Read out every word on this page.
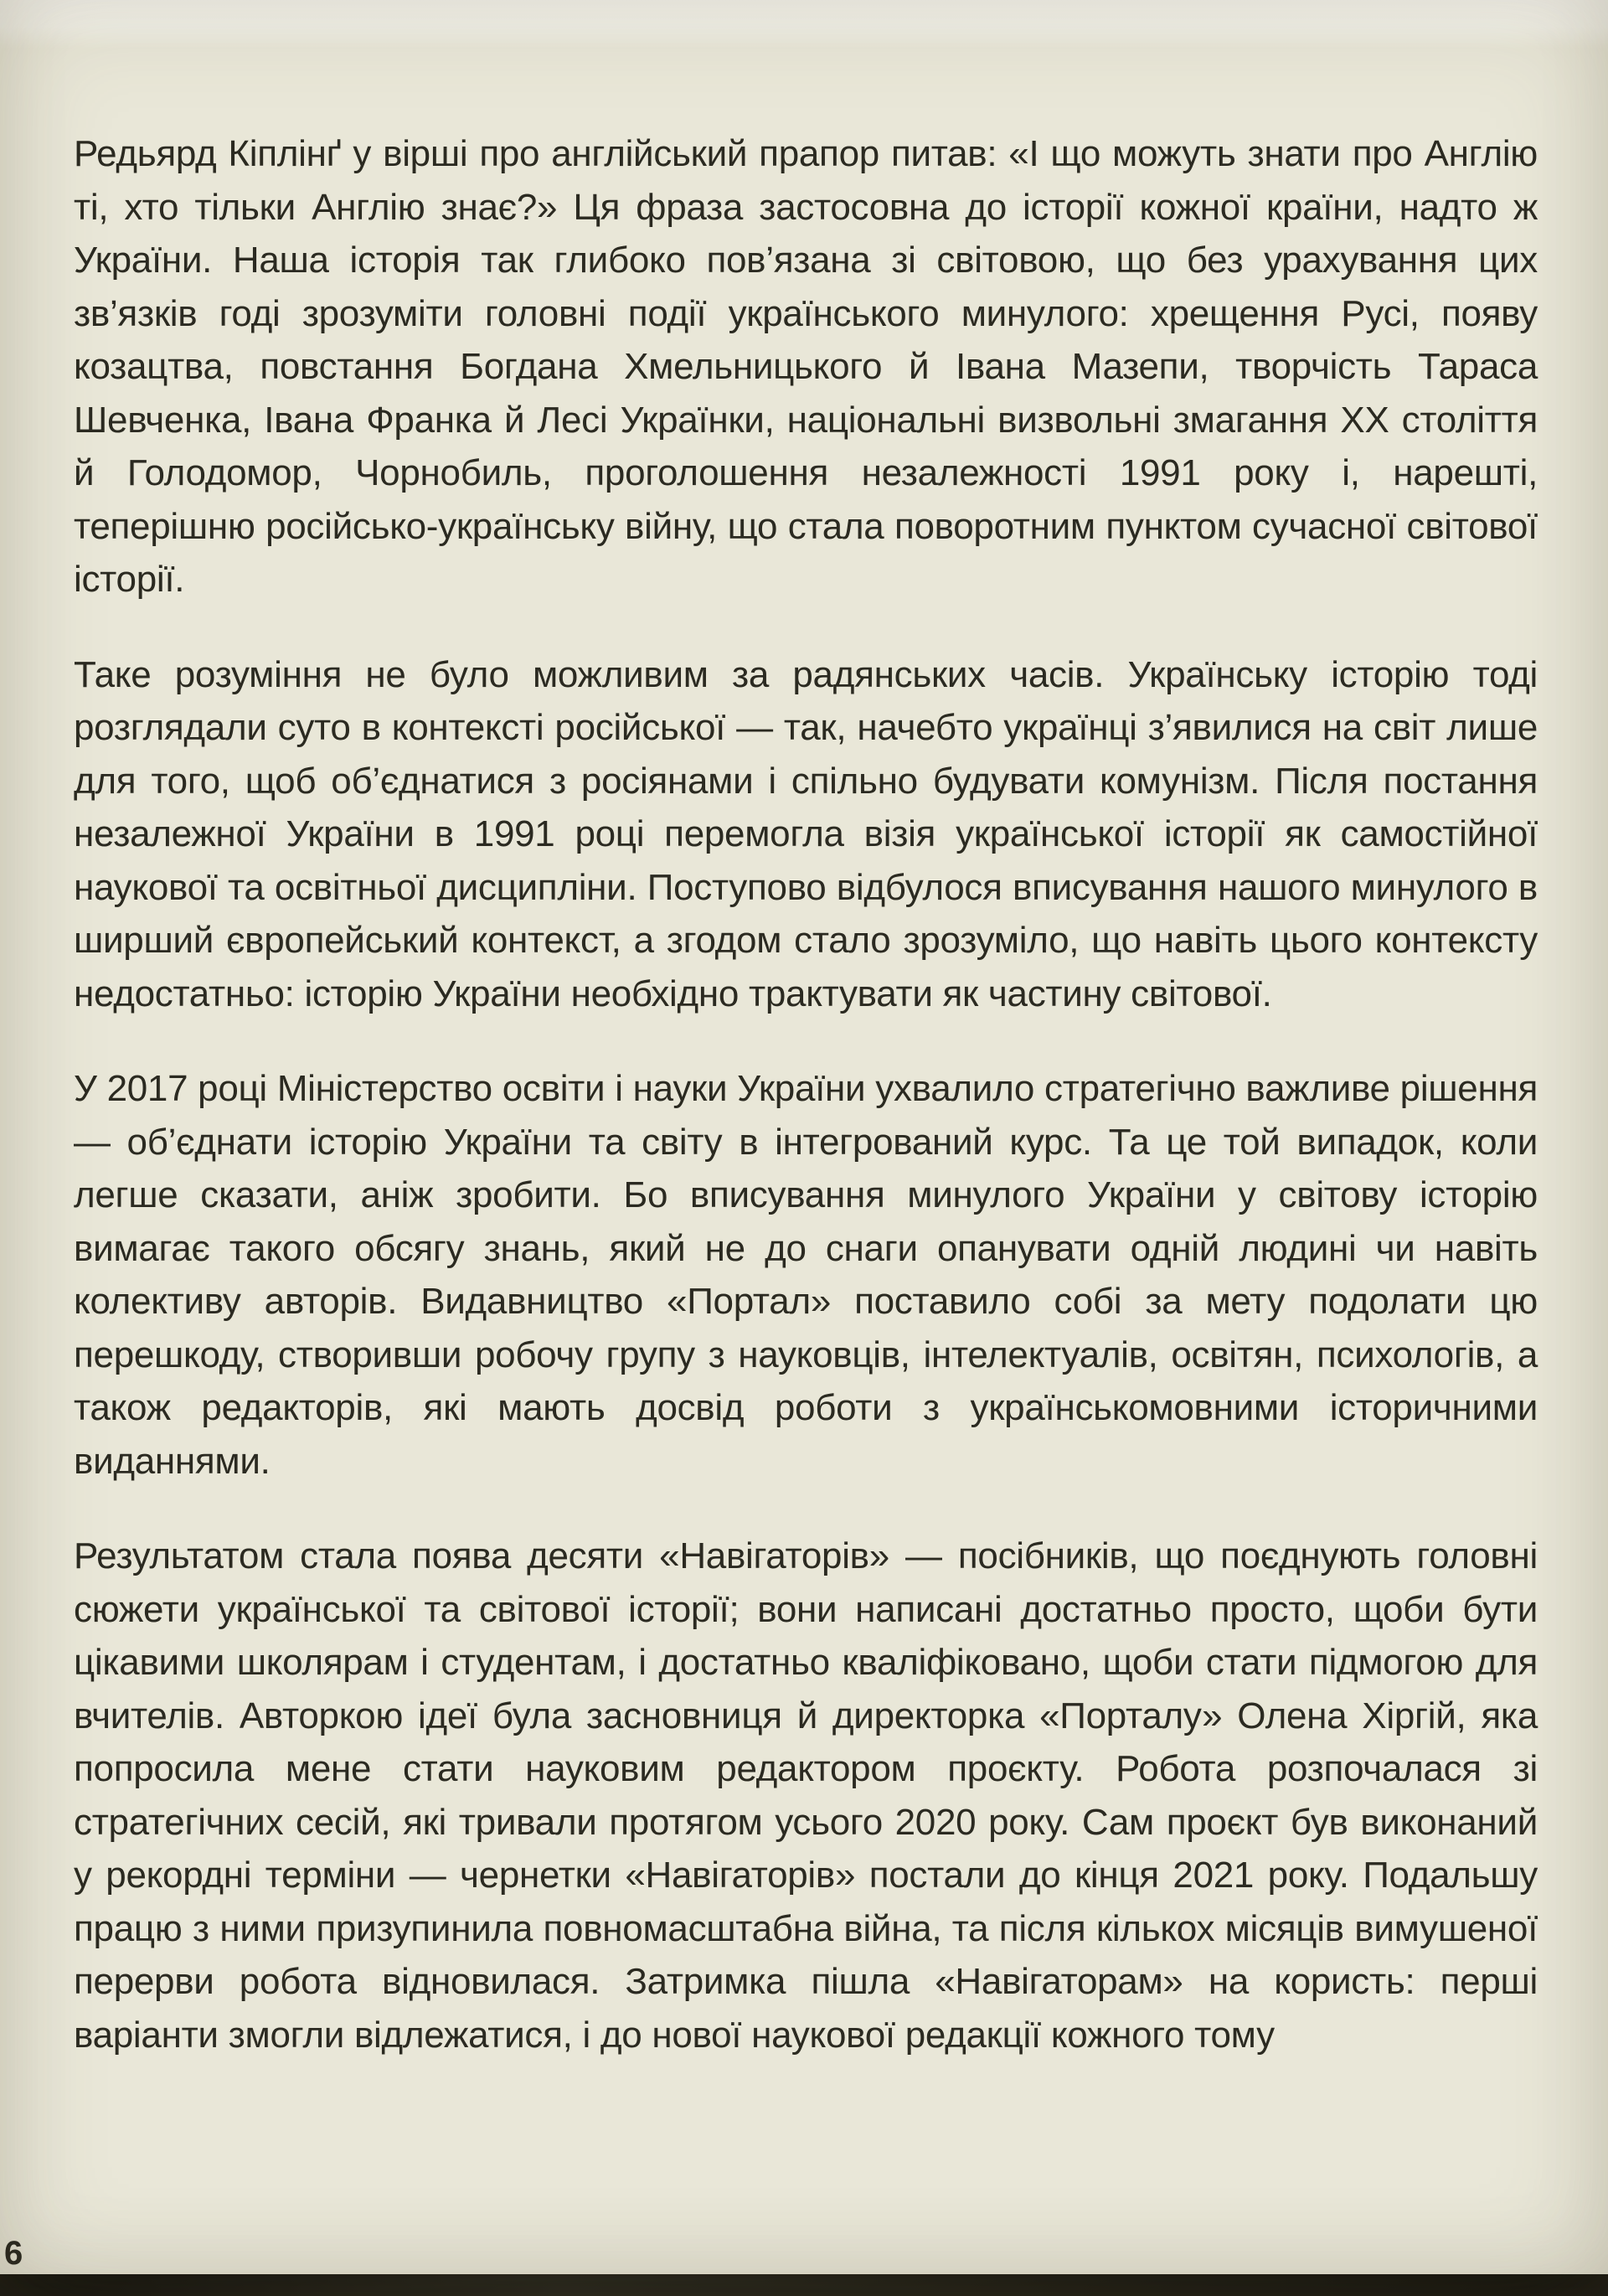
Редьярд Кіплінґ у вірші про англійський прапор питав: «І що можуть знати про Англію ті, хто тільки Англію знає?» Ця фраза застосовна до історії кожної країни, надто ж України. Наша історія так глибоко пов’язана зі світовою, що без урахування цих зв’язків годі зрозуміти головні події українського минулого: хрещення Русі, появу козацтва, повстання Богдана Хмельницького й Івана Мазепи, творчість Тараса Шевченка, Івана Франка й Лесі Українки, національні визвольні змагання ХХ століття й Голодомор, Чорнобиль, проголошення незалежності 1991 року і, нарешті, теперішню російсько-українську війну, що стала поворотним пунктом сучасної світової історії.

Таке розуміння не було можливим за радянських часів. Українську історію тоді розглядали суто в контексті російської — так, начебто українці з’явилися на світ лише для того, щоб об’єднатися з росіянами і спільно будувати комунізм. Після постання незалежної України в 1991 році перемогла візія української історії як самостійної наукової та освітньої дисципліни. Поступово відбулося вписування нашого минулого в ширший європейський контекст, а згодом стало зрозуміло, що навіть цього контексту недостатньо: історію України необхідно трактувати як частину світової.

У 2017 році Міністерство освіти і науки України ухвалило стратегічно важливе рішення — об’єднати історію України та світу в інтегрований курс. Та це той випадок, коли легше сказати, аніж зробити. Бо вписування минулого України у світову історію вимагає такого обсягу знань, який не до снаги опанувати одній людині чи навіть колективу авторів. Видавництво «Портал» поставило собі за мету подолати цю перешкоду, створивши робочу групу з науковців, інтелектуалів, освітян, психологів, а також редакторів, які мають досвід роботи з українськомовними історичними виданнями.

Результатом стала поява десяти «Навігаторів» — посібників, що поєднують головні сюжети української та світової історії; вони написані достатньо просто, щоби бути цікавими школярам і студентам, і достатньо кваліфіковано, щоби стати підмогою для вчителів. Авторкою ідеї була засновниця й директорка «Порталу» Олена Хіргій, яка попросила мене стати науковим редактором проєкту. Робота розпочалася зі стратегічних сесій, які тривали протягом усього 2020 року. Сам проєкт був виконаний у рекордні терміни — чернетки «Навігаторів» постали до кінця 2021 року. Подальшу працю з ними призупинила повномасштабна війна, та після кількох місяців вимушеної перерви робота відновилася. Затримка пішла «Навігаторам» на користь: перші варіанти змогли відлежатися, і до нової наукової редакції кожного тому

6
